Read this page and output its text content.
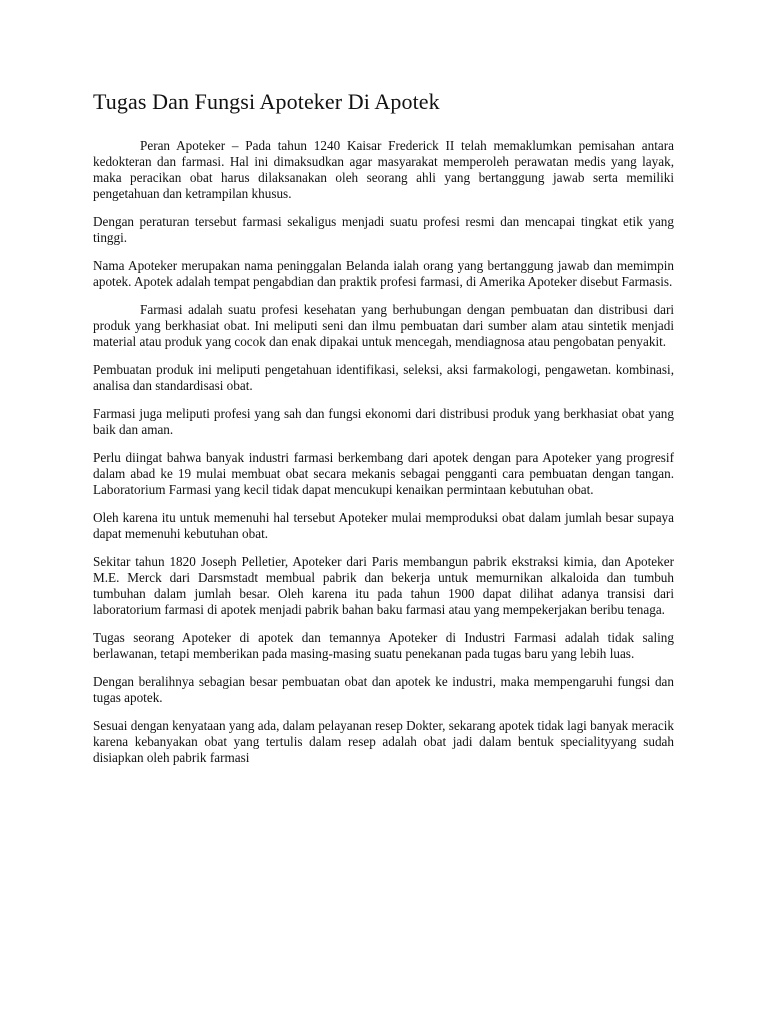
Tugas Dan Fungsi Apoteker Di Apotek

Peran Apoteker – Pada tahun 1240 Kaisar Frederick II telah memaklumkan pemisahan antara kedokteran dan farmasi. Hal ini dimaksudkan agar masyarakat memperoleh perawatan medis yang layak, maka peracikan obat harus dilaksanakan oleh seorang ahli yang bertanggung jawab serta memiliki pengetahuan dan ketrampilan khusus.

Dengan peraturan tersebut farmasi sekaligus menjadi suatu profesi resmi dan mencapai tingkat etik yang tinggi.

Nama Apoteker merupakan nama peninggalan Belanda ialah orang yang bertanggung jawab dan memimpin apotek. Apotek adalah tempat pengabdian dan praktik profesi farmasi, di Amerika Apoteker disebut Farmasis.

Farmasi adalah suatu profesi kesehatan yang berhubungan dengan pembuatan dan distribusi dari produk yang berkhasiat obat. Ini meliputi seni dan ilmu pembuatan dari sumber alam atau sintetik menjadi material atau produk yang cocok dan enak dipakai untuk mencegah, mendiagnosa atau pengobatan penyakit.

Pembuatan produk ini meliputi pengetahuan identifikasi, seleksi, aksi farmakologi, pengawetan. kombinasi, analisa dan standardisasi obat.

Farmasi juga meliputi profesi yang sah dan fungsi ekonomi dari distribusi produk yang berkhasiat obat yang baik dan aman.

Perlu diingat bahwa banyak industri farmasi berkembang dari apotek dengan para Apoteker yang progresif dalam abad ke 19 mulai membuat obat secara mekanis sebagai pengganti cara pembuatan dengan tangan. Laboratorium Farmasi yang kecil tidak dapat mencukupi kenaikan permintaan kebutuhan obat.

Oleh karena itu untuk memenuhi hal tersebut Apoteker mulai memproduksi obat dalam jumlah besar supaya dapat memenuhi kebutuhan obat.

Sekitar tahun 1820 Joseph Pelletier, Apoteker dari Paris membangun pabrik ekstraksi kimia, dan Apoteker M.E. Merck dari Darsmstadt membual pabrik dan bekerja untuk memurnikan alkaloida dan tumbuh tumbuhan dalam jumlah besar. Oleh karena itu pada tahun 1900 dapat dilihat adanya transisi dari laboratorium farmasi di apotek menjadi pabrik bahan baku farmasi atau yang mempekerjakan beribu tenaga.

Tugas seorang Apoteker di apotek dan temannya Apoteker di Industri Farmasi adalah tidak saling berlawanan, tetapi memberikan pada masing-masing suatu penekanan pada tugas baru yang lebih luas.

Dengan beralihnya sebagian besar pembuatan obat dan apotek ke industri, maka mempengaruhi fungsi dan tugas apotek.

Sesuai dengan kenyataan yang ada, dalam pelayanan resep Dokter, sekarang apotek tidak lagi banyak meracik karena kebanyakan obat yang tertulis dalam resep adalah obat jadi dalam bentuk specialityyang sudah disiapkan oleh pabrik farmasi
